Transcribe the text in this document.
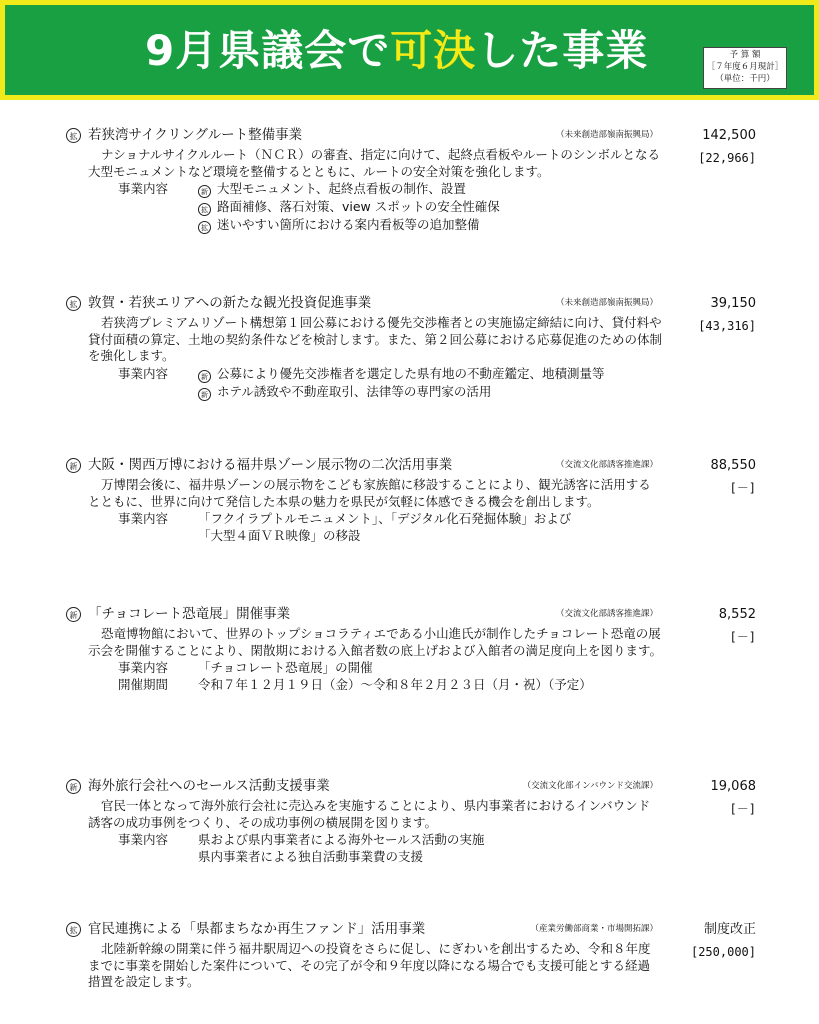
9月県議会で可決した事業	予 算 額
［７年度６月現計］
（単位：千円）
拡 若狭湾サイクリングルート整備事業	（未来創造部嶺南振興局）	142,500
[22,966]

ナショナルサイクルルート（ＮＣＲ）の審査、指定に向けて、起終点看板やルートのシンボルとなる大型モニュメントなど環境を整備するとともに、ルートの安全対策を強化します。

事業内容	新 大型モニュメント、起終点看板の制作、設置
拡 路面補修、落石対策、view スポットの安全性確保
拡 迷いやすい箇所における案内看板等の追加整備
拡 敦賀・若狭エリアへの新たな観光投資促進事業	（未来創造部嶺南振興局）	39,150
[43,316]

若狭湾プレミアムリゾート構想第１回公募における優先交渉権者との実施協定締結に向け、貸付料や貸付面積の算定、土地の契約条件などを検討します。また、第２回公募における応募促進のための体制を強化します。

事業内容	新 公募により優先交渉権者を選定した県有地の不動産鑑定、地積測量等
新 ホテル誘致や不動産取引、法律等の専門家の活用
新 大阪・関西万博における福井県ゾーン展示物の二次活用事業	（交流文化部誘客推進課）	88,550
[－]

万博閉会後に、福井県ゾーンの展示物をこども家族館に移設することにより、観光誘客に活用するとともに、世界に向けて発信した本県の魅力を県民が気軽に体感できる機会を創出します。

事業内容	「フクイラプトルモニュメント」、「デジタル化石発掘体験」および
「大型４面ＶＲ映像」の移設
新 「チョコレート恐竜展」開催事業	（交流文化部誘客推進課）	8,552
[－]

恐竜博物館において、世界のトップショコラティエである小山進氏が制作したチョコレート恐竜の展示会を開催することにより、閑散期における入館者数の底上げおよび入館者の満足度向上を図ります。

事業内容	「チョコレート恐竜展」の開催
開催期間	令和７年１２月１９日（金）～令和８年２月２３日（月・祝）（予定）
新 海外旅行会社へのセールス活動支援事業	（交流文化部インバウンド交流課）	19,068
[－]

官民一体となって海外旅行会社に売込みを実施することにより、県内事業者におけるインバウンド誘客の成功事例をつくり、その成功事例の横展開を図ります。

事業内容	県および県内事業者による海外セールス活動の実施
県内事業者による独自活動事業費の支援
拡 官民連携による「県都まちなか再生ファンド」活用事業	（産業労働部商業・市場開拓課）	制度改正
[250,000]

北陸新幹線の開業に伴う福井駅周辺への投資をさらに促し、にぎわいを創出するため、令和８年度までに事業を開始した案件について、その完了が令和９年度以降になる場合でも支援可能とする経過措置を設定します。
